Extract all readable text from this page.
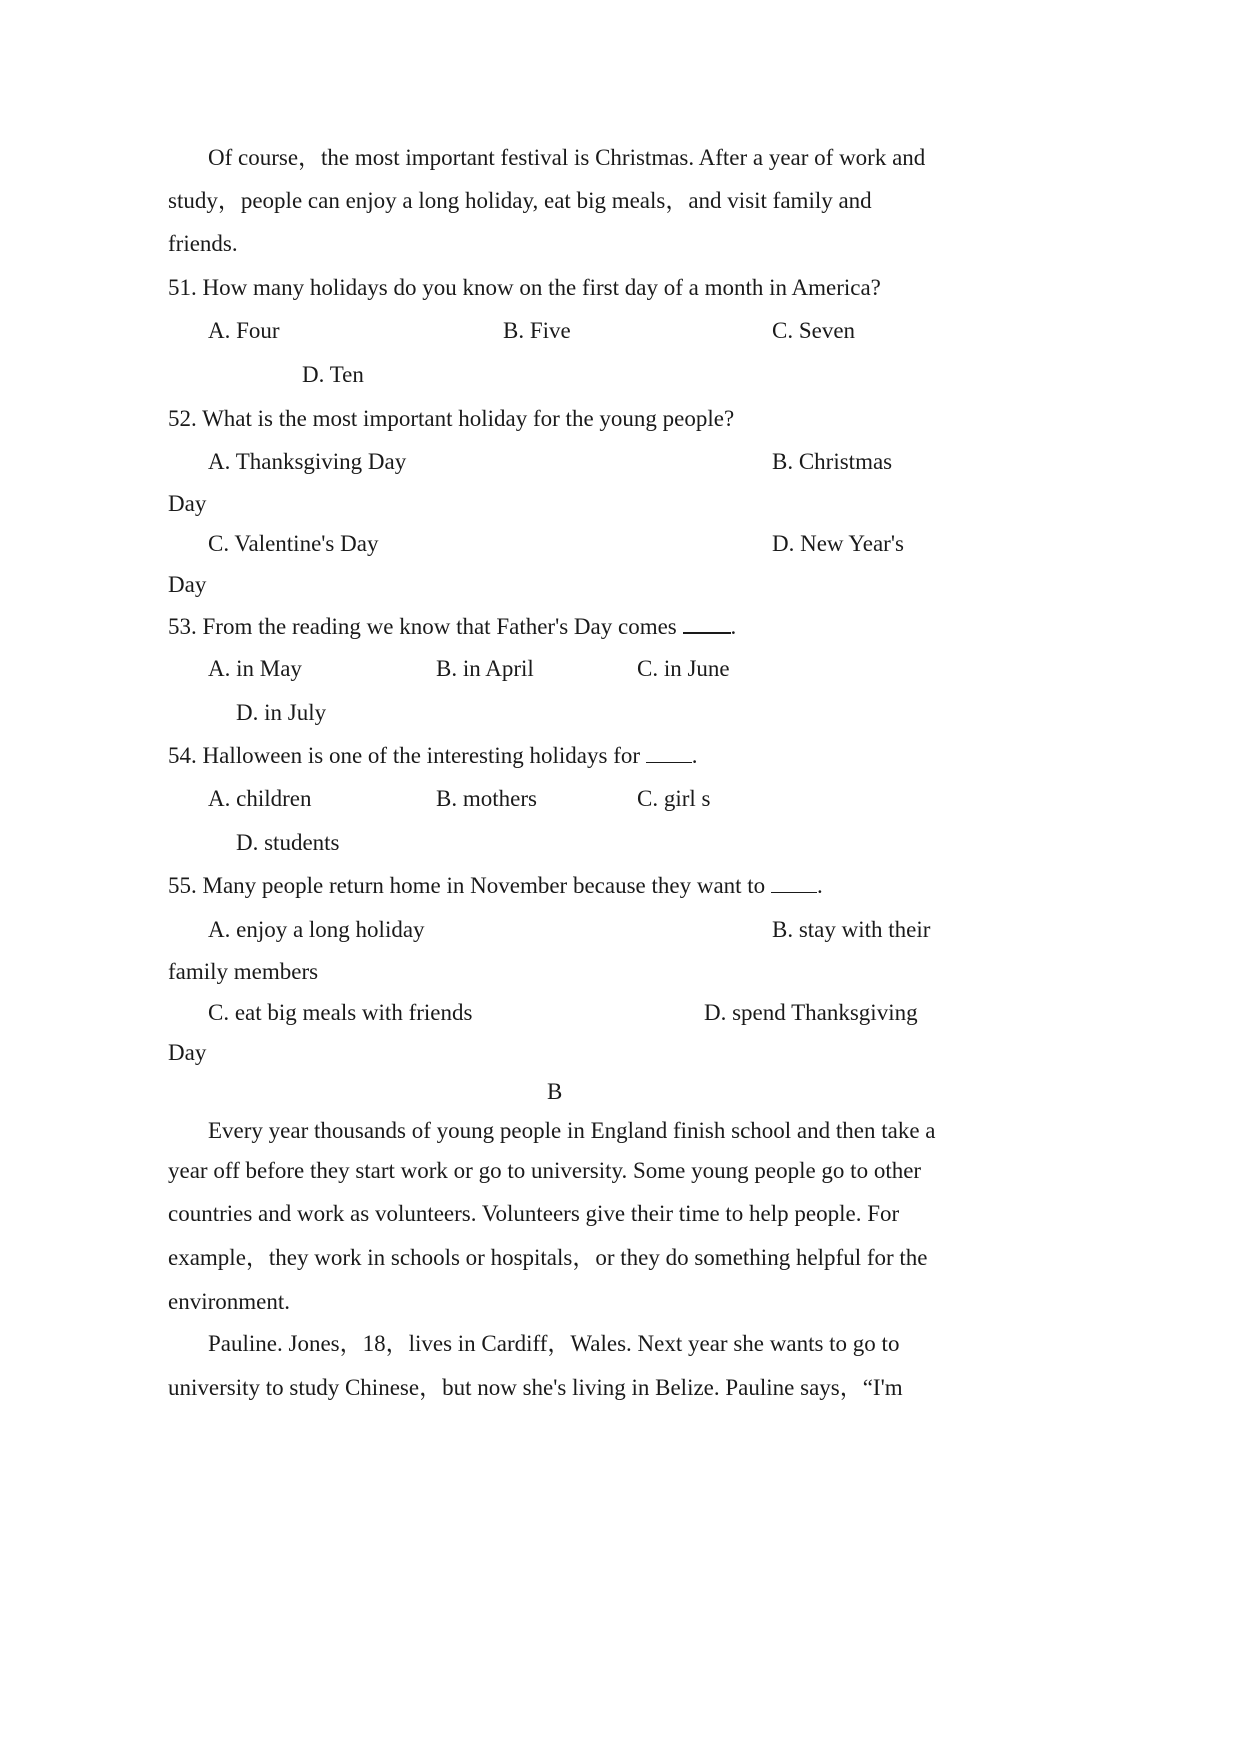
Of course，the most important festival is Christmas. After a year of work and
study，people can enjoy a long holiday, eat big meals，and visit family and
friends.
51. How many holidays do you know on the first day of a month in America?
A. Four	B. Five	C. Seven
D. Ten
52. What is the most important holiday for the young people?
A. Thanksgiving Day	B. Christmas
Day
C. Valentine's Day	D. New Year's
Day
53. From the reading we know that Father's Day comes .
A. in May	B. in April	C. in June
D. in July
54. Halloween is one of the interesting holidays for .
A. children	B. mothers	C. girl s
D. students
55. Many people return home in November because they want to .
A. enjoy a long holiday	B. stay with their
family members
C. eat big meals with friends	D. spend Thanksgiving
Day
B
Every year thousands of young people in England finish school and then take a
year off before they start work or go to university. Some young people go to other
countries and work as volunteers. Volunteers give their time to help people. For
example，they work in schools or hospitals，or they do something helpful for the
environment.
Pauline. Jones，18，lives in Cardiff，Wales. Next year she wants to go to
university to study Chinese，but now she's living in Belize. Pauline says，“I'm
